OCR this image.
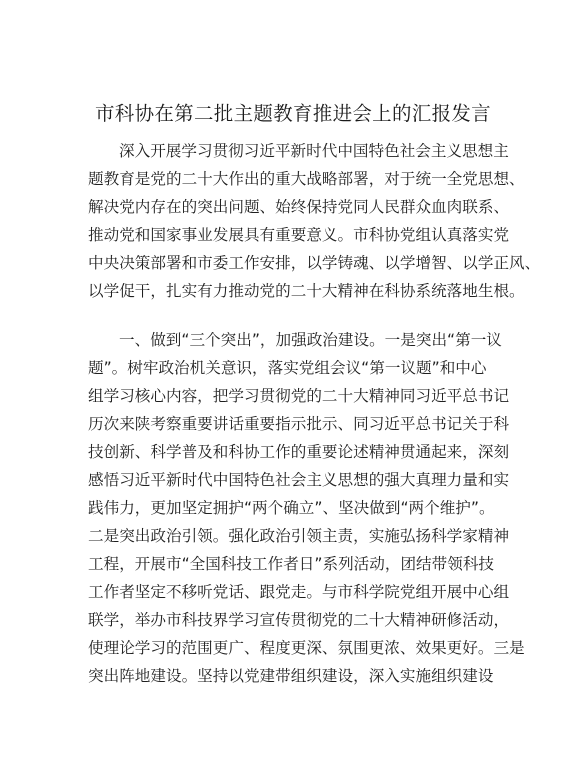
市科协在第二批主题教育推进会上的汇报发言
深入开展学习贯彻习近平新时代中国特色社会主义思想主
题教育是党的二十大作出的重大战略部署，对于统一全党思想、
解决党内存在的突出问题、始终保持党同人民群众血肉联系、
推动党和国家事业发展具有重要意义。市科协党组认真落实党
中央决策部署和市委工作安排，以学铸魂、以学增智、以学正风、
以学促干，扎实有力推动党的二十大精神在科协系统落地生根。
一、做到“三个突出”，加强政治建设。一是突出“第一议
题”。树牢政治机关意识，落实党组会议“第一议题”和中心
组学习核心内容，把学习贯彻党的二十大精神同习近平总书记
历次来陕考察重要讲话重要指示批示、同习近平总书记关于科
技创新、科学普及和科协工作的重要论述精神贯通起来，深刻
感悟习近平新时代中国特色社会主义思想的强大真理力量和实
践伟力，更加坚定拥护“两个确立”、坚决做到“两个维护”。
二是突出政治引领。强化政治引领主责，实施弘扬科学家精神
工程，开展市“全国科技工作者日”系列活动，团结带领科技
工作者坚定不移听党话、跟党走。与市科学院党组开展中心组
联学，举办市科技界学习宣传贯彻党的二十大精神研修活动，
使理论学习的范围更广、程度更深、氛围更浓、效果更好。三是
突出阵地建设。坚持以党建带组织建设，深入实施组织建设
